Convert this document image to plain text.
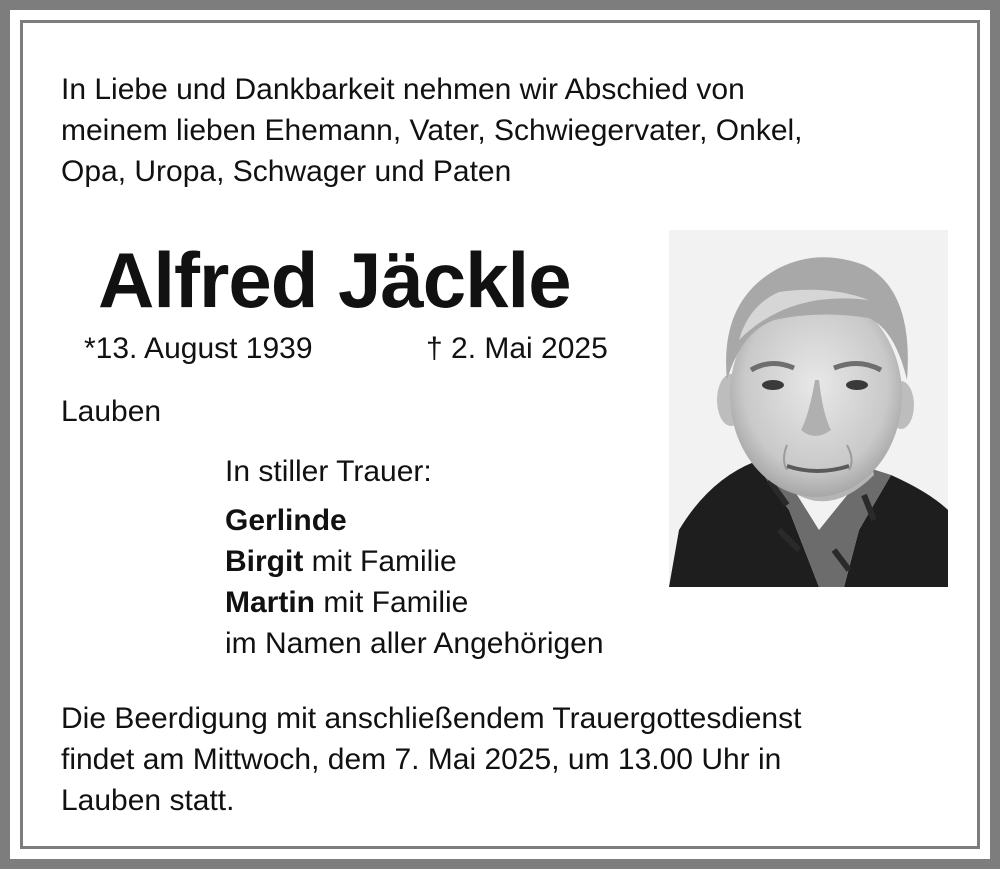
In Liebe und Dankbarkeit nehmen wir Abschied von
meinem lieben Ehemann, Vater, Schwiegervater, Onkel,
Opa, Uropa, Schwager und Paten
Alfred Jäckle
*13. August 1939	† 2. Mai 2025
Lauben
In stiller Trauer:
Gerlinde
Birgit mit Familie
Martin mit Familie
im Namen aller Angehörigen
Die Beerdigung mit anschließendem Trauergottesdienst
findet am Mittwoch, dem 7. Mai 2025, um 13.00 Uhr in
Lauben statt.
